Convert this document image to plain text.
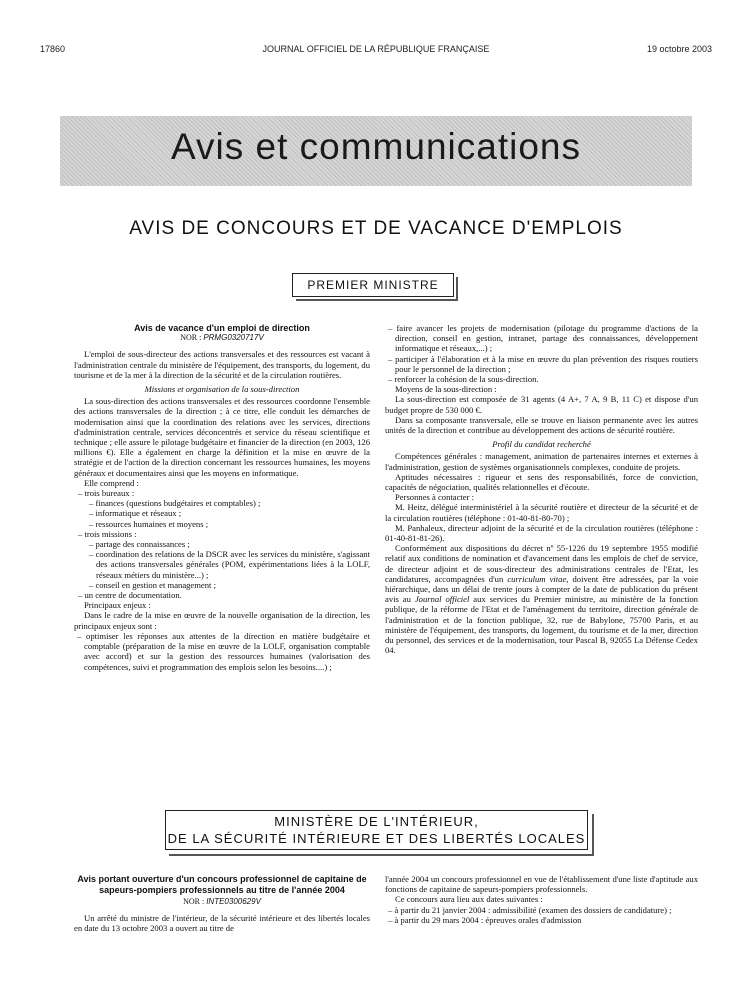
17860	JOURNAL OFFICIEL DE LA RÉPUBLIQUE FRANÇAISE	19 octobre 2003
Avis et communications
AVIS DE CONCOURS ET DE VACANCE D'EMPLOIS
PREMIER MINISTRE

Avis de vacance d'un emploi de direction

NOR : PRMG0320717V

L'emploi de sous-directeur des actions transversales et des ressources est vacant à l'administration centrale du ministère de l'équipement, des transports, du logement, du tourisme et de la mer à la direction de la sécurité et de la circulation routières.

Missions et organisation de la sous-direction

La sous-direction des actions transversales et des ressources coordonne l'ensemble des actions transversales de la direction ; à ce titre, elle conduit les démarches de modernisation ainsi que la coordination des relations avec les services, directions d'administration centrale, services déconcentrés et service du réseau scientifique et technique ; elle assure le pilotage budgétaire et financier de la direction (en 2003, 126 millions €). Elle a également en charge la définition et la mise en œuvre de la stratégie et de l'action de la direction concernant les ressources humaines, les moyens généraux et documentaires ainsi que les moyens en informatique.

Elle comprend :

– trois bureaux :

– finances (questions budgétaires et comptables) ;

– informatique et réseaux ;

– ressources humaines et moyens ;

– trois missions :

– partage des connaissances ;

– coordination des relations de la DSCR avec les services du ministère, s'agissant des actions transversales générales (POM, expérimentations liées à la LOLF, réseaux métiers du ministère...) ;

– conseil en gestion et management ;

– un centre de documentation.

Principaux enjeux :

Dans le cadre de la mise en œuvre de la nouvelle organisation de la direction, les principaux enjeux sont :

– optimiser les réponses aux attentes de la direction en matière budgétaire et comptable (préparation de la mise en œuvre de la LOLF, organisation comptable avec accord) et sur la gestion des ressources humaines (valorisation des compétences, suivi et programmation des emplois selon les besoins....) ;

– faire avancer les projets de modernisation (pilotage du programme d'actions de la direction, conseil en gestion, intranet, partage des connaissances, développement informatique et réseaux,...) ;

– participer à l'élaboration et à la mise en œuvre du plan prévention des risques routiers pour le personnel de la direction ;

– renforcer la cohésion de la sous-direction.

Moyens de la sous-direction :

La sous-direction est composée de 31 agents (4 A+, 7 A, 9 B, 11 C) et dispose d'un budget propre de 530 000 €.

Dans sa composante transversale, elle se trouve en liaison permanente avec les autres unités de la direction et contribue au développement des actions de sécurité routière.

Profil du candidat recherché

Compétences générales : management, animation de partenaires internes et externes à l'administration, gestion de systèmes organisationnels complexes, conduite de projets.

Aptitudes nécessaires : rigueur et sens des responsabilités, force de conviction, capacités de négociation, qualités relationnelles et d'écoute.

Personnes à contacter :

M. Heitz, délégué interministériel à la sécurité routière et directeur de la sécurité et de la circulation routières (téléphone : 01-40-81-80-70) ;

M. Panhaleux, directeur adjoint de la sécurité et de la circulation routières (téléphone : 01-40-81-81-26).

Conformément aux dispositions du décret nº 55-1226 du 19 septembre 1955 modifié relatif aux conditions de nomination et d'avancement dans les emplois de chef de service, de directeur adjoint et de sous-directeur des administrations centrales de l'Etat, les candidatures, accompagnées d'un curriculum vitae, doivent être adressées, par la voie hiérarchique, dans un délai de trente jours à compter de la date de publication du présent avis au Journal officiel aux services du Premier ministre, au ministère de la fonction publique, de la réforme de l'Etat et de l'aménagement du territoire, direction générale de l'administration et de la fonction publique, 32, rue de Babylone, 75700 Paris, et au ministère de l'équipement, des transports, du logement, du tourisme et de la mer, direction du personnel, des services et de la modernisation, tour Pascal B, 92055 La Défense Cedex 04.

MINISTÈRE DE L'INTÉRIEUR,
DE LA SÉCURITÉ INTÉRIEURE ET DES LIBERTÉS LOCALES

Avis portant ouverture d'un concours professionnel de capitaine de sapeurs-pompiers professionnels au titre de l'année 2004

NOR : INTE0300629V

Un arrêté du ministre de l'intérieur, de la sécurité intérieure et des libertés locales en date du 13 octobre 2003 a ouvert au titre de

l'année 2004 un concours professionnel en vue de l'établissement d'une liste d'aptitude aux fonctions de capitaine de sapeurs-pompiers professionnels.

Ce concours aura lieu aux dates suivantes :

– à partir du 21 janvier 2004 : admissibilité (examen des dossiers de candidature) ;

– à partir du 29 mars 2004 : épreuves orales d'admission
